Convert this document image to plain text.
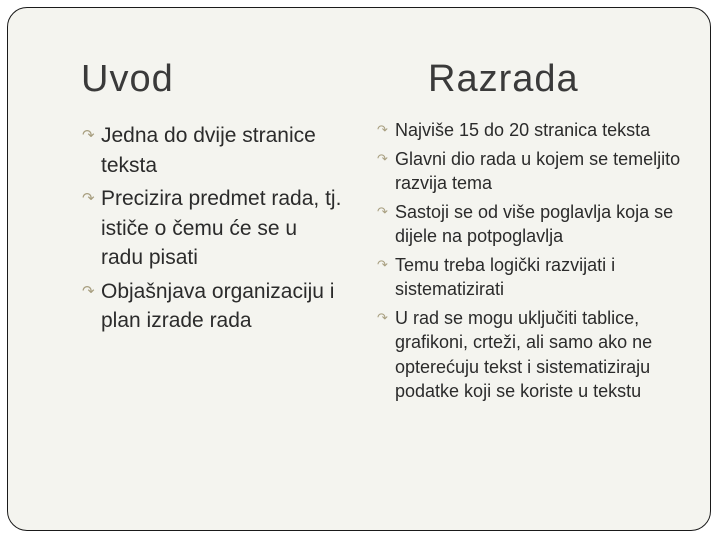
Uvod	Razrada
↷ Jedna do dvije stranice teksta
↷ Precizira predmet rada, tj. ističe o čemu će se u radu pisati
↷ Objašnjava organizaciju i plan izrade rada
↷ Najviše 15 do 20 stranica teksta
↷ Glavni dio rada u kojem se temeljito razvija tema
↷ Sastoji se od više poglavlja koja se dijele na potpoglavlja
↷ Temu treba logički razvijati i sistematizirati
↷ U rad se mogu uključiti tablice, grafikoni, crteži, ali samo ako ne opterećuju tekst i sistematiziraju podatke koji se koriste u tekstu
